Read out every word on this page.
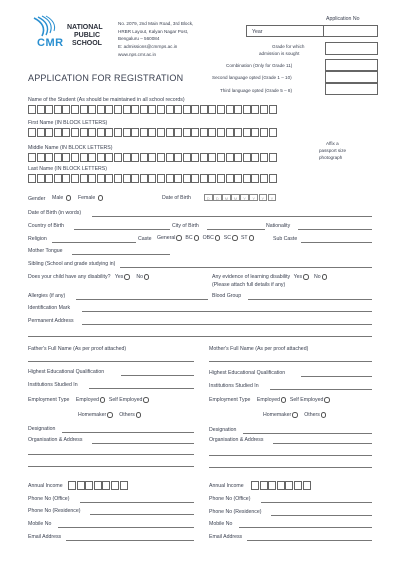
CMR
NATIONAL
PUBLIC
SCHOOL
No. 2079, 2nd Main Road, 3rd Block,
HRBR Layout, Kalyan Nagar Post,
Bengaluru – 560084
E: admissions@cmrnps.ac.in
www.nps.cmr.ac.in
Application No
Year
Grade for which
admission is sought
Combination (Only for Grade 11)
Second language opted (Grade 1 – 10)
Third language opted (Grade 5 – 8)
APPLICATION FOR REGISTRATION
Name of the Student (As should be maintained in all school records)
First Name (IN BLOCK LETTERS)
Middle Name (IN BLOCK LETTERS)
Last Name (IN BLOCK LETTERS)
Affix a
passport size
photograph
Gender Male	Female	Date of Birth	D	D	M	M	Y	Y	Y	Y
Date of Birth (in words)
Country of Birth	City of Birth	Nationality
Religion	Caste General BC OBC SC ST	Sub Caste
Mother Tongue
Sibling (School and grade studying in)
Does your child have any disability? Yes No	Any evidence of learning disability Yes No
(Please attach full details if any)
Allergies (if any)	Blood Group
Identification Mark
Permanent Address
Father's Full Name (As per proof attached)
Highest Educational Qualification
Institutions Studied In
Employment Type Employed Self Employed
Homemaker Others
Designation
Organisation & Address
Annual Income
Phone No (Office)
Phone No (Residence)
Mobile No
Email Address
Mother's Full Name (As per proof attached)
Highest Educational Qualification
Institutions Studied In
Employment Type Employed Self Employed
Homemaker Others
Designation
Organisation & Address
Annual Income
Phone No (Office)
Phone No (Residence)
Mobile No
Email Address
